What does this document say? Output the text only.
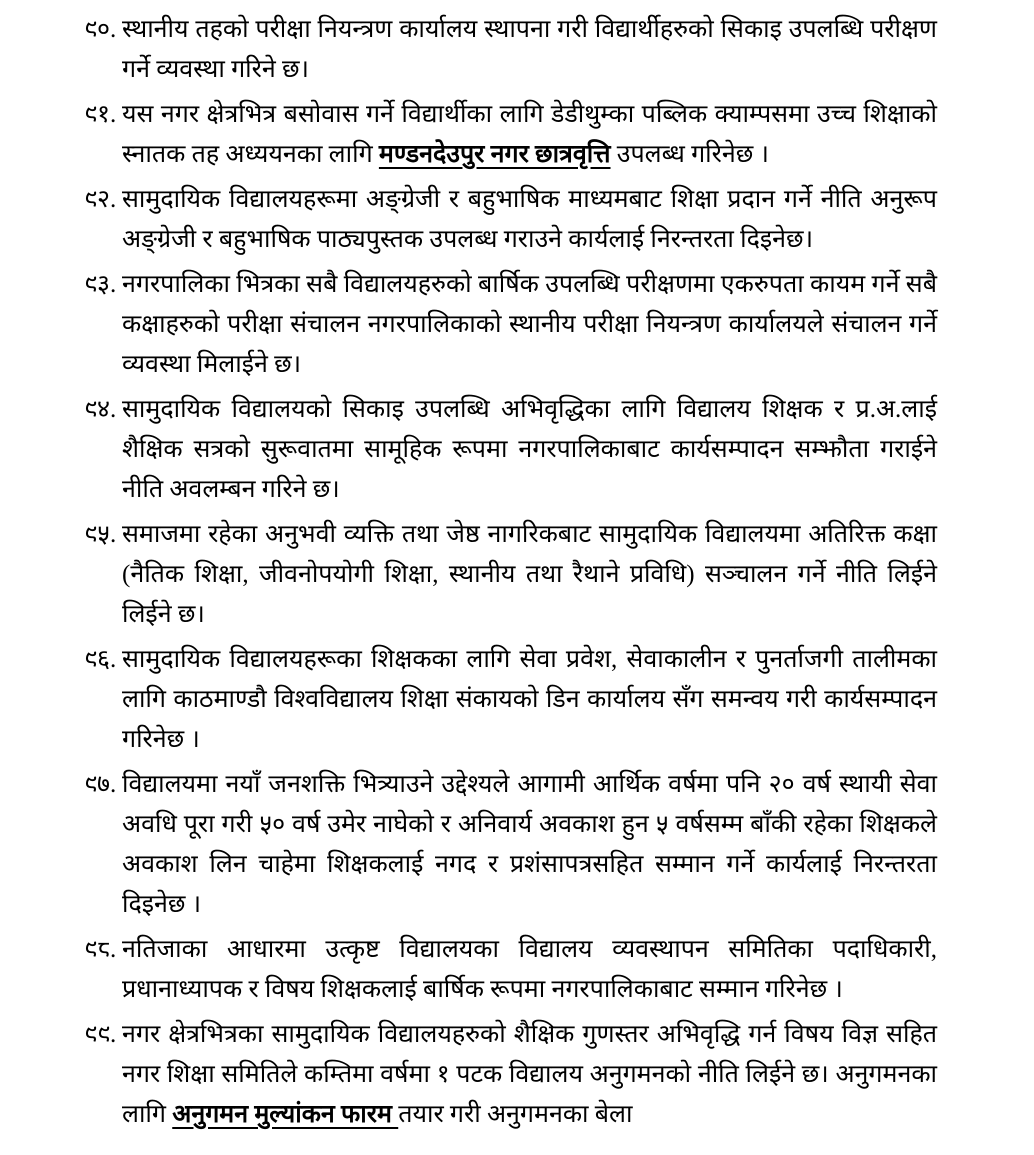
९०. स्थानीय तहको परीक्षा नियन्त्रण कार्यालय स्थापना गरी विद्यार्थीहरुको सिकाइ उपलब्धि परीक्षण गर्ने व्यवस्था गरिने छ।
९१. यस नगर क्षेत्रभित्र बसोवास गर्ने विद्यार्थीका लागि डेडीथुम्का पब्लिक क्याम्पसमा उच्च शिक्षाको स्नातक तह अध्ययनका लागि मण्डनदेउपुर नगर छात्रवृत्ति उपलब्ध गरिनेछ ।
९२. सामुदायिक विद्यालयहरूमा अङ्ग्रेजी र बहुभाषिक माध्यमबाट शिक्षा प्रदान गर्ने नीति अनुरूप अङ्ग्रेजी र बहुभाषिक पाठ्यपुस्तक उपलब्ध गराउने कार्यलाई निरन्तरता दिइनेछ।
९३. नगरपालिका भित्रका सबै विद्यालयहरुको बार्षिक उपलब्धि परीक्षणमा एकरुपता कायम गर्ने सबै कक्षाहरुको परीक्षा संचालन नगरपालिकाको स्थानीय परीक्षा नियन्त्रण कार्यालयले संचालन गर्ने व्यवस्था मिलाईने छ।
९४. सामुदायिक विद्यालयको सिकाइ उपलब्धि अभिवृद्धिका लागि विद्यालय शिक्षक र प्र.अ.लाई शैक्षिक सत्रको सुरूवातमा सामूहिक रूपमा नगरपालिकाबाट कार्यसम्पादन सम्झौता गराईने नीति अवलम्बन गरिने छ।
९५. समाजमा रहेका अनुभवी व्यक्ति तथा जेष्ठ नागरिकबाट सामुदायिक विद्यालयमा अतिरिक्त कक्षा (नैतिक शिक्षा, जीवनोपयोगी शिक्षा, स्थानीय तथा रैथाने प्रविधि) सञ्चालन गर्ने नीति लिईने लिईने छ।
९६. सामुदायिक विद्यालयहरूका शिक्षकका लागि सेवा प्रवेश, सेवाकालीन र पुनर्ताजगी तालीमका लागि काठमाण्डौ विश्वविद्यालय शिक्षा संकायको डिन कार्यालय सँग समन्वय गरी कार्यसम्पादन गरिनेछ ।
९७. विद्यालयमा नयाँ जनशक्ति भित्र्याउने उद्देश्यले आगामी आर्थिक वर्षमा पनि २० वर्ष स्थायी सेवा अवधि पूरा गरी ५० वर्ष उमेर नाघेको र अनिवार्य अवकाश हुन ५ वर्षसम्म बाँकी रहेका शिक्षकले अवकाश लिन चाहेमा शिक्षकलाई नगद र प्रशंसापत्रसहित सम्मान गर्ने कार्यलाई निरन्तरता दिइनेछ ।
९८. नतिजाका आधारमा उत्कृष्ट विद्यालयका विद्यालय व्यवस्थापन समितिका पदाधिकारी, प्रधानाध्यापक र विषय शिक्षकलाई बार्षिक रूपमा नगरपालिकाबाट सम्मान गरिनेछ ।
९९. नगर क्षेत्रभित्रका सामुदायिक विद्यालयहरुको शैक्षिक गुणस्तर अभिवृद्धि गर्न विषय विज्ञ सहित नगर शिक्षा समितिले कम्तिमा वर्षमा १ पटक विद्यालय अनुगमनको नीति लिईने छ। अनुगमनका लागि अनुगमन मुल्यांकन फारम तयार गरी अनुगमनका बेला
